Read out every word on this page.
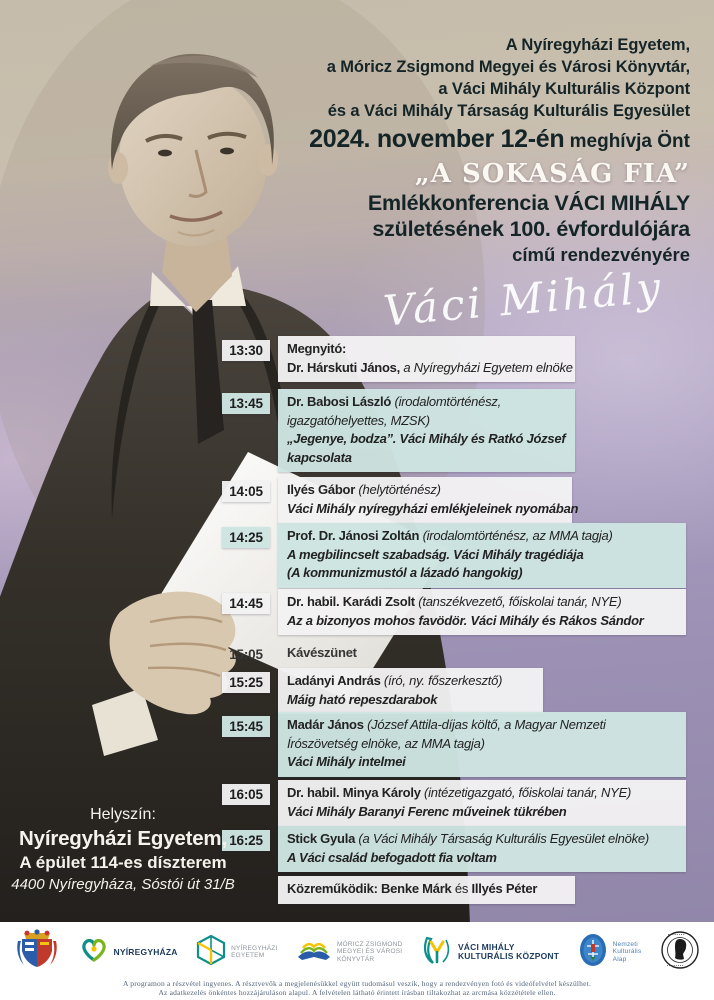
A Nyíregyházi Egyetem,
a Móricz Zsigmond Megyei és Városi Könyvtár,
a Váci Mihály Kulturális Központ
és a Váci Mihály Társaság Kulturális Egyesület
2024. november 12-én meghívja Önt
„A SOKASÁG FIA”
Emlékkonferencia VÁCI MIHÁLY
születésének 100. évfordulójára
című rendezvényére
Váci Mihály
13:30	Megnyitó:
Dr. Hárskuti János, a Nyíregyházi Egyetem elnöke
13:45	Dr. Babosi László (irodalomtörténész,
igazgatóhelyettes, MZSK)
„Jegenye, bodza”. Váci Mihály és Ratkó József
kapcsolata
14:05	Ilyés Gábor (helytörténész)
Váci Mihály nyíregyházi emlékjeleinek nyomában
14:25	Prof. Dr. Jánosi Zoltán (irodalomtörténész, az MMA tagja)
A megbilincselt szabadság. Váci Mihály tragédiája
(A kommunizmustól a lázadó hangokig)
14:45	Dr. habil. Karádi Zsolt (tanszékvezető, főiskolai tanár, NYE)
Az a bizonyos mohos favödör. Váci Mihály és Rákos Sándor
15:05	Kávészünet
15:25	Ladányi András (író, ny. főszerkesztő)
Máig ható repeszdarabok
15:45	Madár János (József Attila-díjas költő, a Magyar Nemzeti
Írószövetség elnöke, az MMA tagja)
Váci Mihály intelmei
16:05	Dr. habil. Minya Károly (intézetigazgató, főiskolai tanár, NYE)
Váci Mihály Baranyi Ferenc műveinek tükrében
16:25	Stick Gyula (a Váci Mihály Társaság Kulturális Egyesület elnöke)
A Váci család befogadott fia voltam
Közreműködik: Benke Márk és Illyés Péter
Helyszín:
Nyíregyházi Egyetem,
A épület 114-es díszterem
4400 Nyíregyháza, Sóstói út 31/B
NYÍREGYHÁZA	NYÍREGYHÁZI
EGYETEM
MÓRICZ ZSIGMOND
MEGYEI ÉS VÁROSI
KÖNYVTÁR
VÁCI MIHÁLY
KULTURÁLIS KÖZPONT
Nemzeti
Kulturális
Alap
• • • • • • • •
• • • • • • • •
A programon a részvétel ingyenes. A résztvevők a megjelenésükkel együtt tudomásul veszik, hogy a rendezvényen fotó és videófelvétel készülhet.
Az adatkezelés önkéntes hozzájáruláson alapul. A felvételen látható érintett írásban tiltakozhat az arcmása közzététele ellen.
